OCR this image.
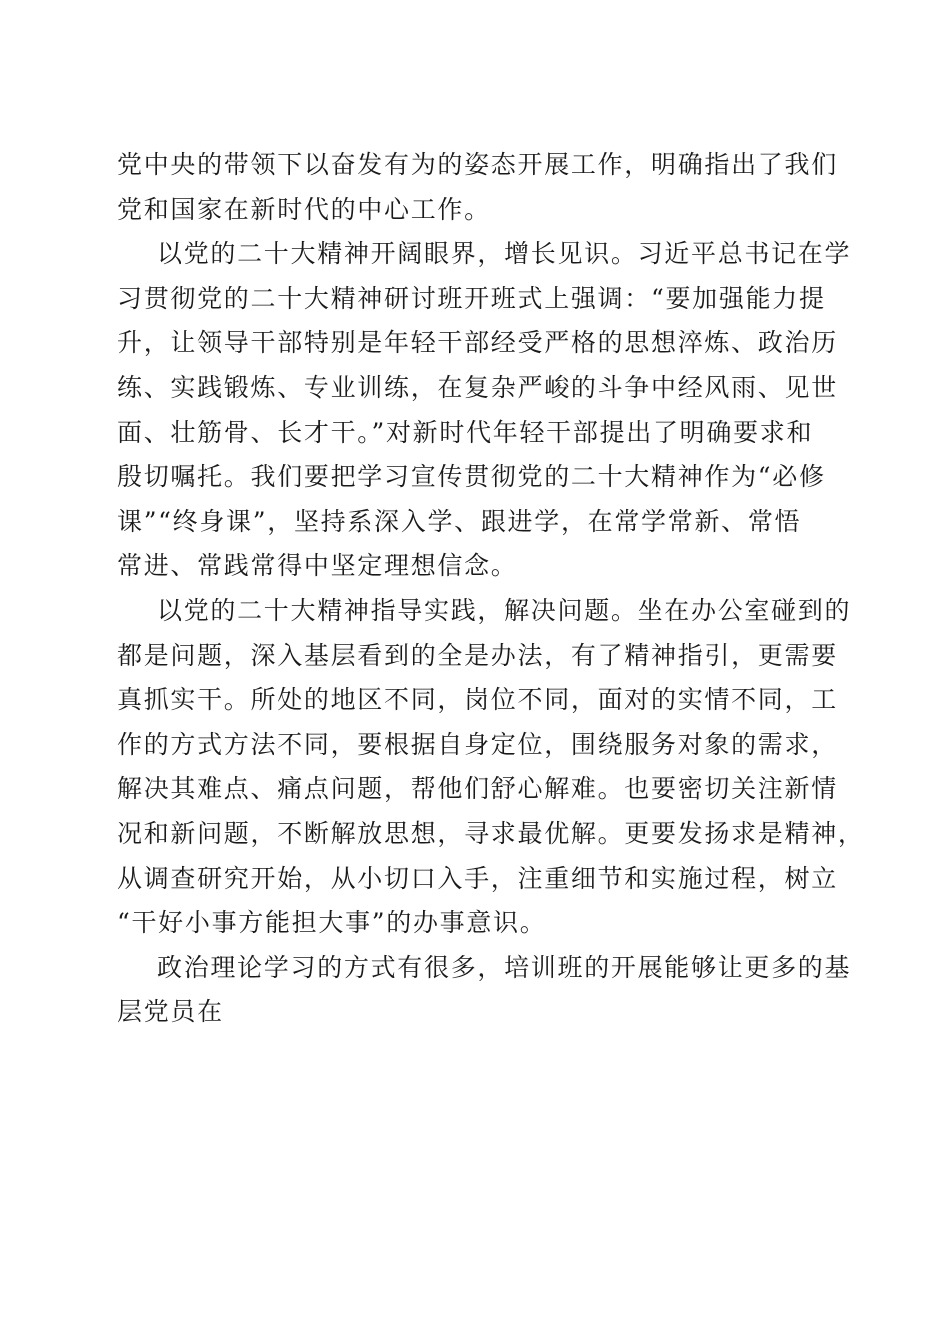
党中央的带领下以奋发有为的姿态开展工作，明确指出了我们
党和国家在新时代的中心工作。

以党的二十大精神开阔眼界，增长见识。习近平总书记在学
习贯彻党的二十大精神研讨班开班式上强调：“要加强能力提
升，让领导干部特别是年轻干部经受严格的思想淬炼、政治历
练、实践锻炼、专业训练，在复杂严峻的斗争中经风雨、见世
面、壮筋骨、长才干。”对新时代年轻干部提出了明确要求和
殷切嘱托。我们要把学习宣传贯彻党的二十大精神作为“必修
课”“终身课”，坚持系深入学、跟进学，在常学常新、常悟
常进、常践常得中坚定理想信念。

以党的二十大精神指导实践，解决问题。坐在办公室碰到的
都是问题，深入基层看到的全是办法，有了精神指引，更需要
真抓实干。所处的地区不同，岗位不同，面对的实情不同，工
作的方式方法不同，要根据自身定位，围绕服务对象的需求，
解决其难点、痛点问题，帮他们舒心解难。也要密切关注新情
况和新问题，不断解放思想，寻求最优解。更要发扬求是精神，
从调查研究开始，从小切口入手，注重细节和实施过程，树立
“干好小事方能担大事”的办事意识。

政治理论学习的方式有很多，培训班的开展能够让更多的基
层党员在
